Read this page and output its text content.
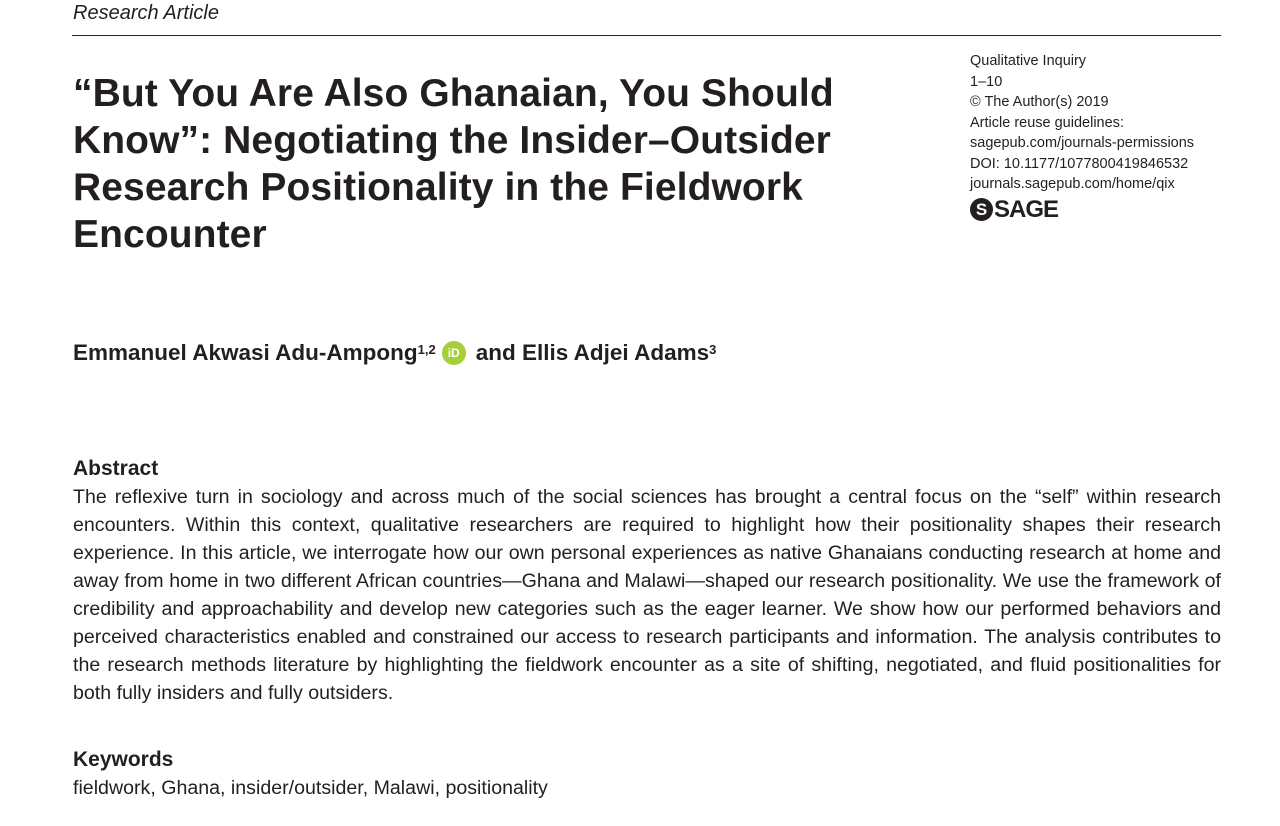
Research Article
“But You Are Also Ghanaian, You Should Know”: Negotiating the Insider–Outsider Research Positionality in the Fieldwork Encounter
Qualitative Inquiry
1–10
© The Author(s) 2019
Article reuse guidelines:
sagepub.com/journals-permissions
DOI: 10.1177/1077800419846532
journals.sagepub.com/home/qix
S SAGE
Emmanuel Akwasi Adu-Ampong$^{1,2}$	iD and
Ellis Adjei Adams$^3$
Abstract

The reflexive turn in sociology and across much of the social sciences has brought a central focus on the “self” within research encounters. Within this context, qualitative researchers are required to highlight how their positionality shapes their research experience. In this article, we interrogate how our own personal experiences as native Ghanaians conducting research at home and away from home in two different African countries—Ghana and Malawi—shaped our research positionality. We use the framework of credibility and approachability and develop new categories such as the eager learner. We show how our performed behaviors and perceived characteristics enabled and constrained our access to research participants and information. The analysis contributes to the research methods literature by highlighting the fieldwork encounter as a site of shifting, negotiated, and fluid positionalities for both fully insiders and fully outsiders.

Keywords

fieldwork, Ghana, insider/outsider, Malawi, positionality
